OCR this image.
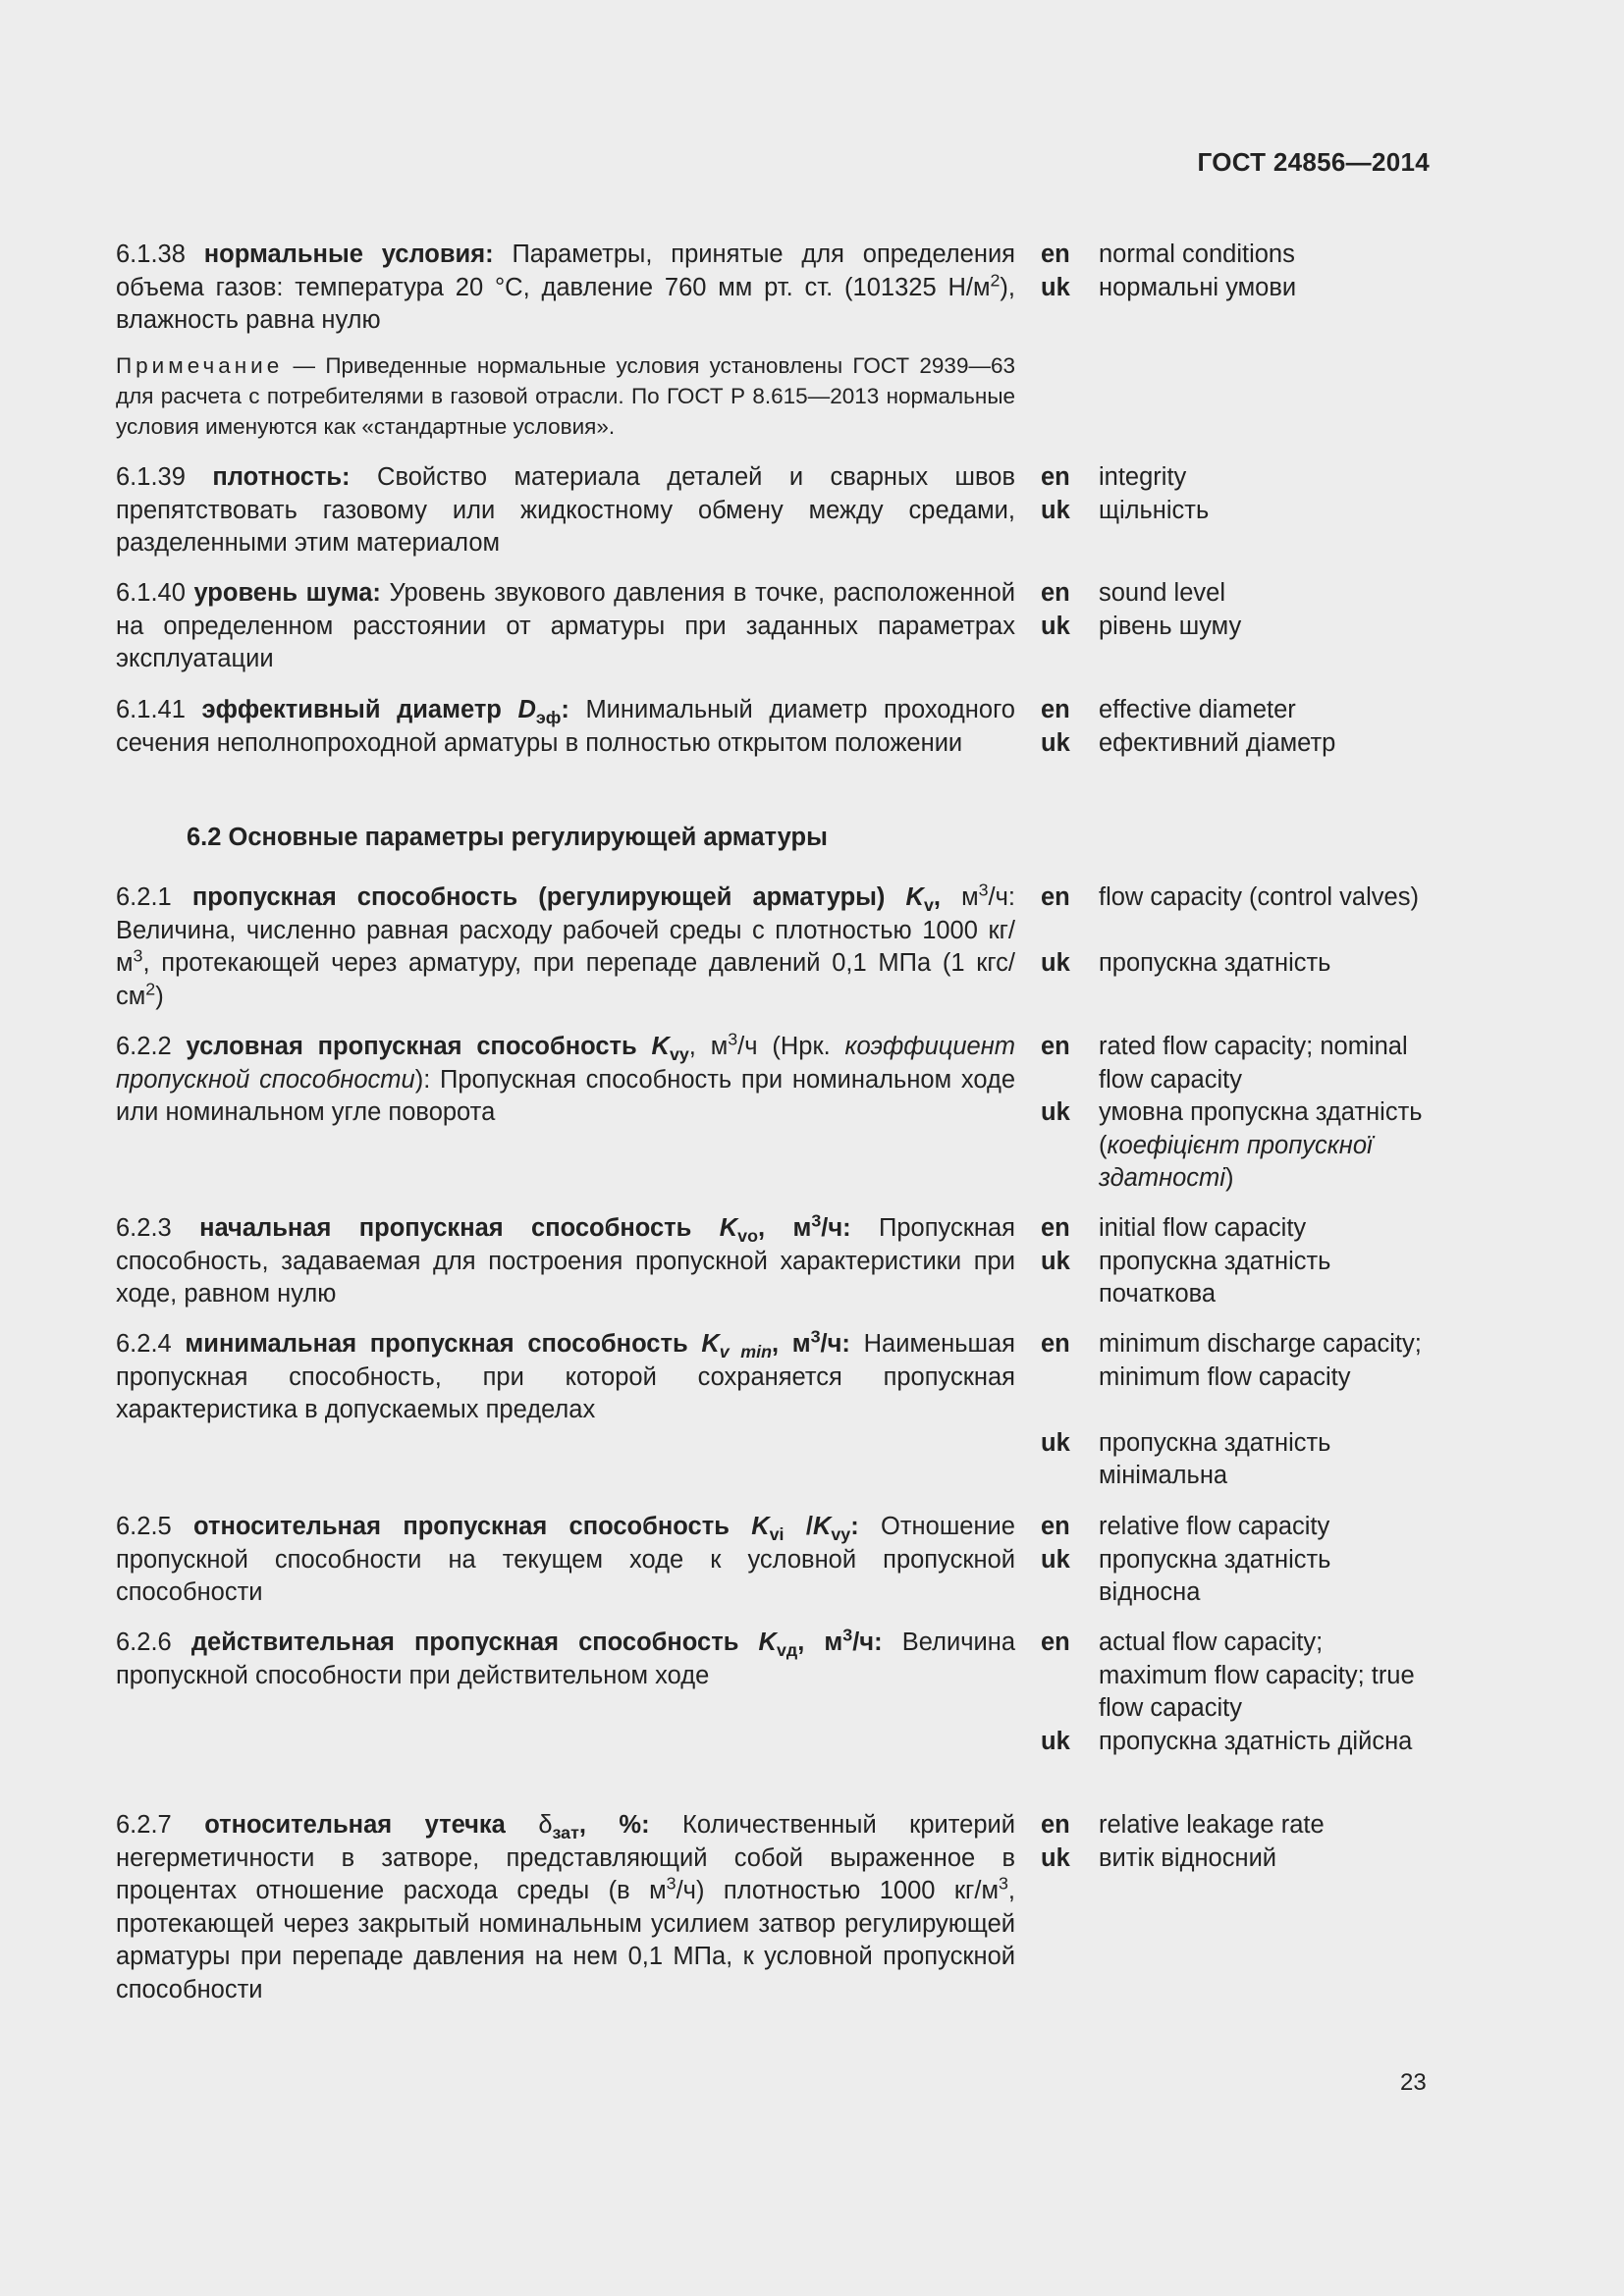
ГОСТ 24856—2014
6.1.38 нормальные условия: Параметры, принятые для определения объема газов: температура 20 °С, давление 760 мм рт. ст. (101325 $Н/м^2$), влажность равна нулю
en	normal conditions
uk	нормальні умови
Примечание — Приведенные нормальные условия установлены ГОСТ 2939—63 для расчета с потребителями в газовой отрасли. По ГОСТ Р 8.615—2013 нормальные условия именуются как «стандартные условия».
6.1.39 плотность: Свойство материала деталей и сварных швов препятствовать газовому или жидкостному обмену между средами, разделенными этим материалом
en	integrity
uk	щільність
6.1.40 уровень шума: Уровень звукового давления в точке, расположенной на определенном расстоянии от арматуры при заданных параметрах эксплуатации
en	sound level
uk	рівень шуму
6.1.41 эффективный диаметр $D_{эф}$: Минимальный диаметр проходного сечения неполнопроходной арматуры в полностью открытом положении
en	effective diameter
uk	ефективний діаметр
6.2 Основные параметры регулирующей арматуры
6.2.1 пропускная способность (регулирующей арматуры) $K_v$, $м^3/ч$: Величина, численно равная расходу рабочей среды с плотностью 1000 $кг/м^3$, протекающей через арматуру, при перепаде давлений 0,1 МПа (1 кгс/$см^2$)
en	flow capacity (control valves)
uk	пропускна здатність
6.2.2 условная пропускная способность $K_{vy}$, $м^3/ч$ (Нрк. коэффициент пропускной способности): Пропускная способность при номинальном ходе или номинальном угле поворота
en	rated flow capacity; nominal flow capacity
uk	умовна пропускна здатність (коефіцієнт пропускної здатності)
6.2.3 начальная пропускная способность $K_{vo}$, $м^3/ч$: Пропускная способность, задаваемая для построения пропускной характеристики при ходе, равном нулю
en	initial flow capacity
uk	пропускна здатність початкова
6.2.4 минимальная пропускная способность $K_{v min}$, $м^3/ч$: Наименьшая пропускная способность, при которой сохраняется пропускная характеристика в допускаемых пределах
en	minimum discharge capacity; minimum flow capacity
uk	пропускна здатність мінімальна
6.2.5 относительная пропускная способность $K_{vi}$ $/K_{vy}$: Отношение пропускной способности на текущем ходе к условной пропускной способности
en	relative flow capacity
uk	пропускна здатність відносна
6.2.6 действительная пропускная способность $K_{vд}$, $м^3/ч$: Величина пропускной способности при действительном ходе
en	actual flow capacity; maximum flow capacity; true flow capacity
uk	пропускна здатність дійсна
6.2.7 относительная утечка $\delta_{зат}$, %: Количественный критерий негерметичности в затворе, представляющий собой выраженное в процентах отношение расхода среды (в $м^3/ч$) плотностью 1000 $кг/м^3$, протекающей через закрытый номинальным усилием затвор регулирующей арматуры при перепаде давления на нем 0,1 МПа, к условной пропускной способности
en	relative leakage rate
uk	витік відносний
23
